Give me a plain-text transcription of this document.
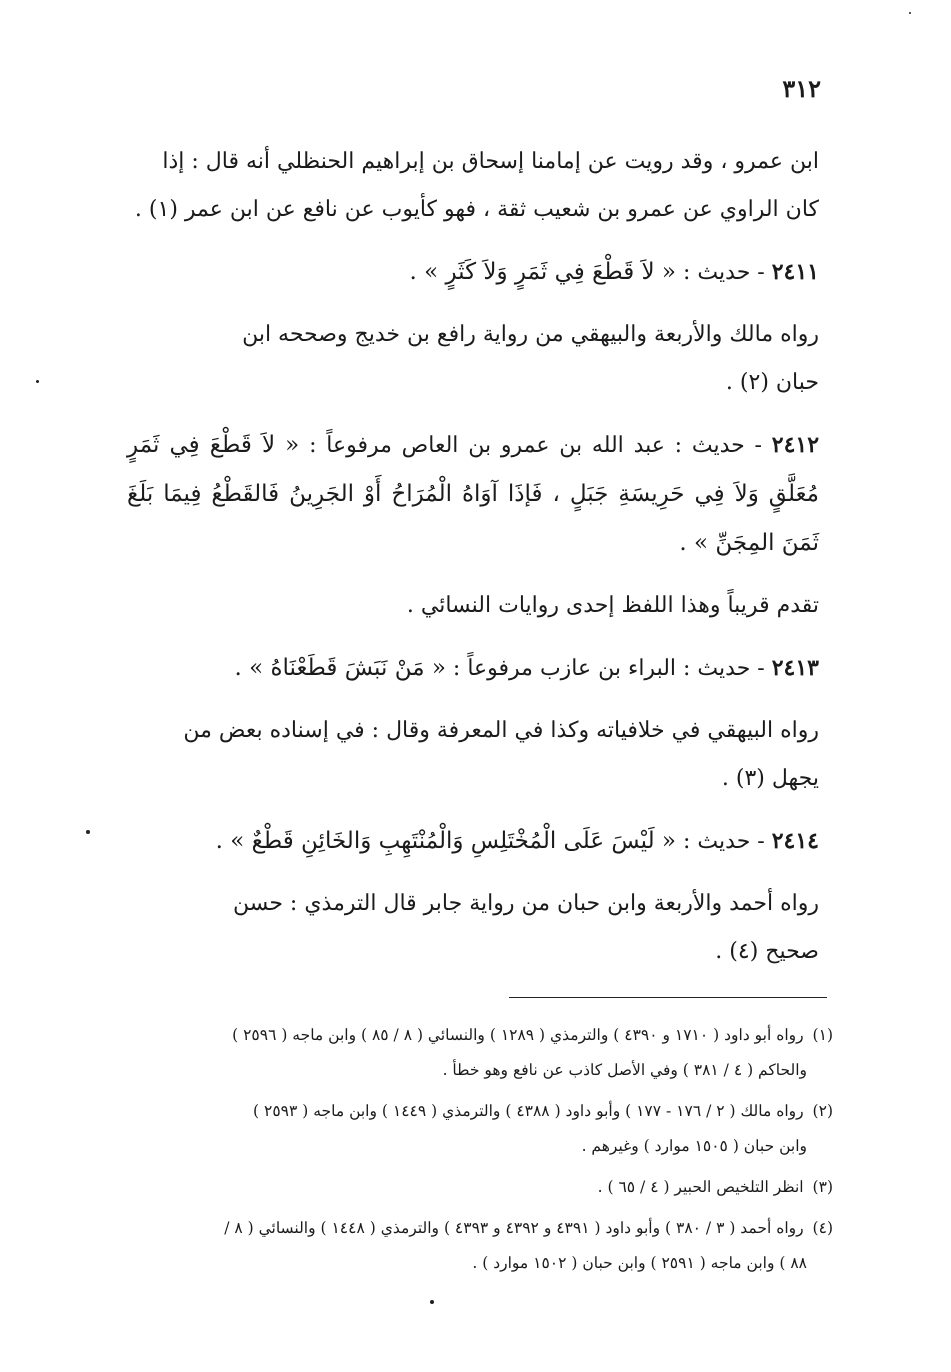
٣١٢

ابن عمرو ، وقد رويت عن إمامنا إسحاق بن إبراهيم الحنظلي أنه قال : إذا
كان الراوي عن عمرو بن شعيب ثقة ، فهو كأيوب عن نافع عن ابن عمر (١) .

٢٤١١ - حديث : « لاَ قَطْعَ فِي ثَمَرٍ وَلاَ كَثَرٍ » .

رواه مالك والأربعة والبيهقي من رواية رافع بن خديج وصححه ابن
حبان (٢) .

٢٤١٢ - حديث : عبد الله بن عمرو بن العاص مرفوعاً : « لاَ قَطْعَ فِي ثَمَرٍ مُعَلَّقٍ وَلاَ فِي حَرِيسَةِ جَبَلٍ ، فَإذَا آوَاهُ الْمُرَاحُ أَوْ الجَرِينُ فَالقَطْعُ فِيمَا بَلَغَ ثَمَنَ المِجَنِّ » .

تقدم قريباً وهذا اللفظ إحدى روايات النسائي .

٢٤١٣ - حديث : البراء بن عازب مرفوعاً : « مَنْ نَبَشَ قَطَعْنَاهُ » .

رواه البيهقي في خلافياته وكذا في المعرفة وقال : في إسناده بعض من
يجهل (٣) .

٢٤١٤ - حديث : « لَيْسَ عَلَى الْمُخْتَلِسِ وَالْمُنْتَهِبِ وَالخَائِنِ قَطْعٌ » .

رواه أحمد والأربعة وابن حبان من رواية جابر قال الترمذي : حسن
صحيح (٤) .

(١) رواه أبو داود ( ١٧١٠ و ٤٣٩٠ ) والترمذي ( ١٢٨٩ ) والنسائي ( ٨ / ٨٥ ) وابن ماجه ( ٢٥٩٦ )
والحاكم ( ٤ / ٣٨١ ) وفي الأصل كاذب عن نافع وهو خطأ .
(٢) رواه مالك ( ٢ / ١٧٦ - ١٧٧ ) وأبو داود ( ٤٣٨٨ ) والترمذي ( ١٤٤٩ ) وابن ماجه ( ٢٥٩٣ )
وابن حبان ( ١٥٠٥ موارد ) وغيرهم .
(٣) انظر التلخيص الحبير ( ٤ / ٦٥ ) .
(٤) رواه أحمد ( ٣ / ٣٨٠ ) وأبو داود ( ٤٣٩١ و ٤٣٩٢ و ٤٣٩٣ ) والترمذي ( ١٤٤٨ ) والنسائي ( ٨ /
٨٨ ) وابن ماجه ( ٢٥٩١ ) وابن حبان ( ١٥٠٢ موارد ) .
